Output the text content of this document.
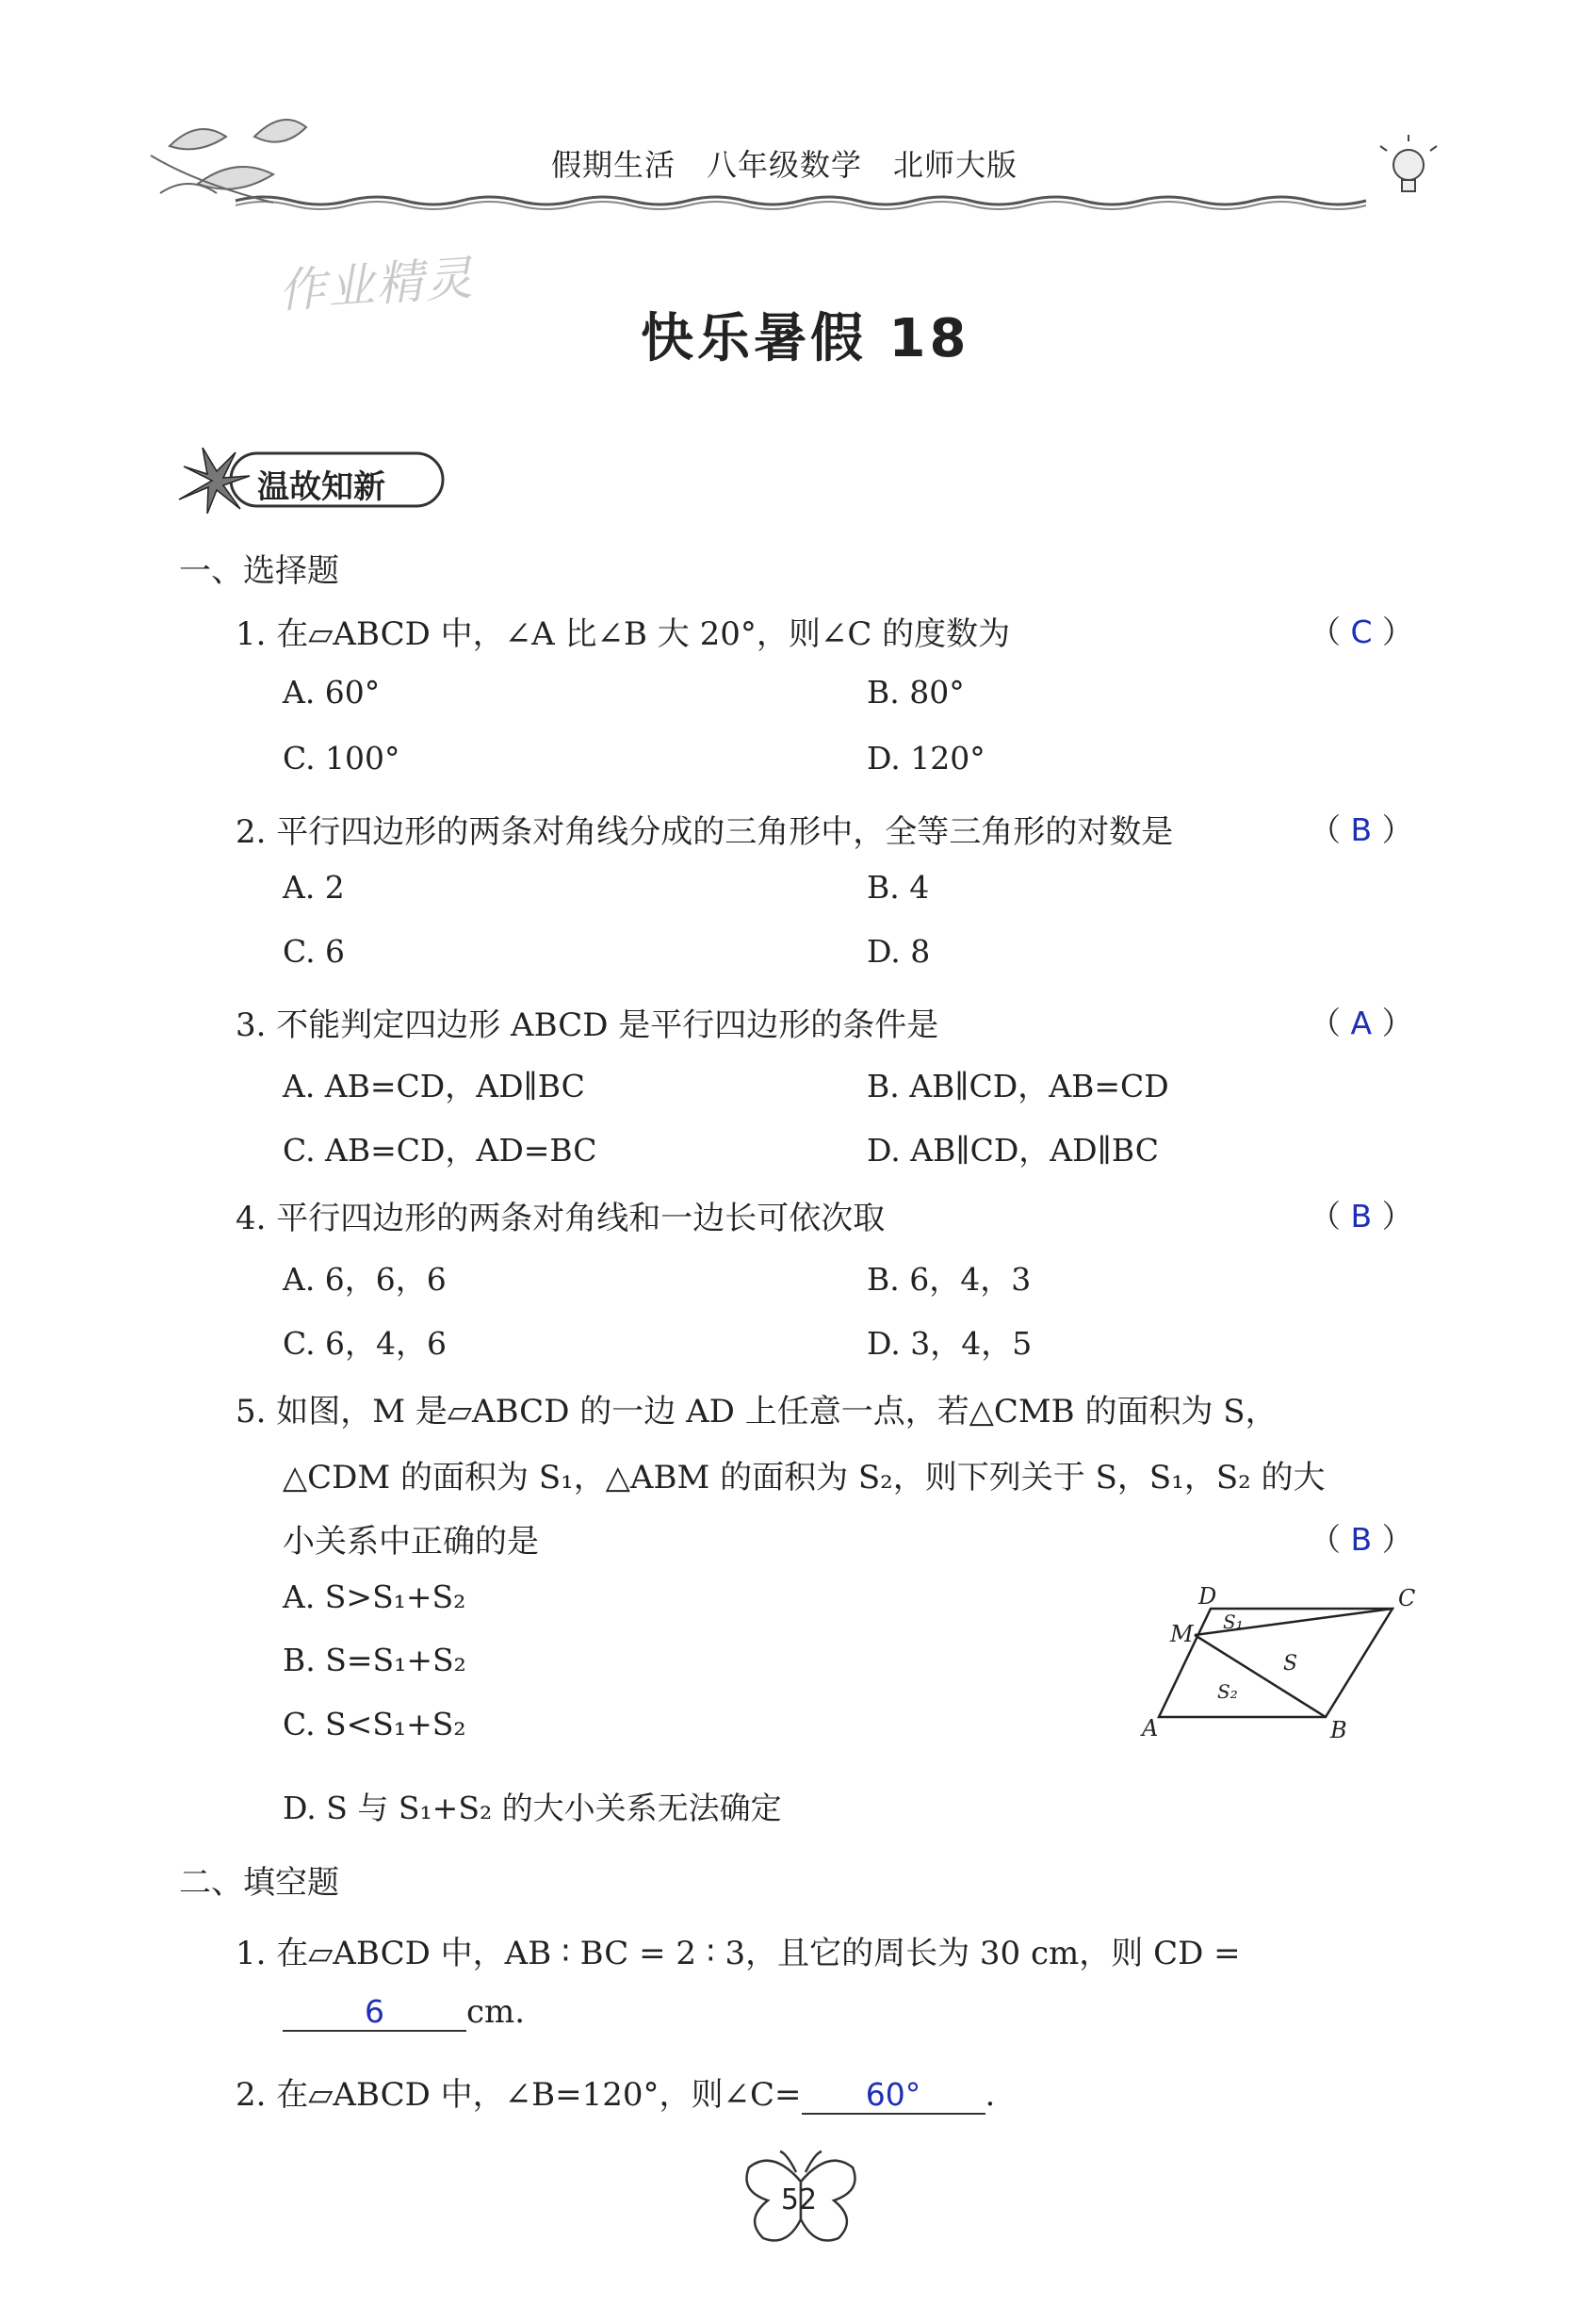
假期生活　八年级数学　北师大版
作业精灵
快乐暑假 18
温故知新
一、选择题
1. 在▱ABCD 中，∠A 比∠B 大 20°，则∠C 的度数为	（ C ）
A. 60°	B. 80°
C. 100°	D. 120°
2. 平行四边形的两条对角线分成的三角形中，全等三角形的对数是	（ B ）
A. 2	B. 4
C. 6	D. 8
3. 不能判定四边形 ABCD 是平行四边形的条件是	（ A ）
A. AB=CD，AD∥BC	B. AB∥CD，AB=CD
C. AB=CD，AD=BC	D. AB∥CD，AD∥BC
4. 平行四边形的两条对角线和一边长可依次取	（ B ）
A. 6，6，6	B. 6，4，3
C. 6，4，6	D. 3，4，5
5. 如图，M 是▱ABCD 的一边 AD 上任意一点，若△CMB 的面积为 S，
△CDM 的面积为 S₁，△ABM 的面积为 S₂，则下列关于 S，S₁，S₂ 的大
小关系中正确的是	（ B ）
A. S>S₁+S₂
B. S=S₁+S₂
C. S<S₁+S₂
D. S 与 S₁+S₂ 的大小关系无法确定
D	C
M
A	B
S₁
S
S₂
二、填空题
1. 在▱ABCD 中，AB ∶ BC = 2 ∶ 3，且它的周长为 30 cm，则 CD =
6	cm.
2. 在▱ABCD 中，∠B=120°，则∠C= 60° .
52
